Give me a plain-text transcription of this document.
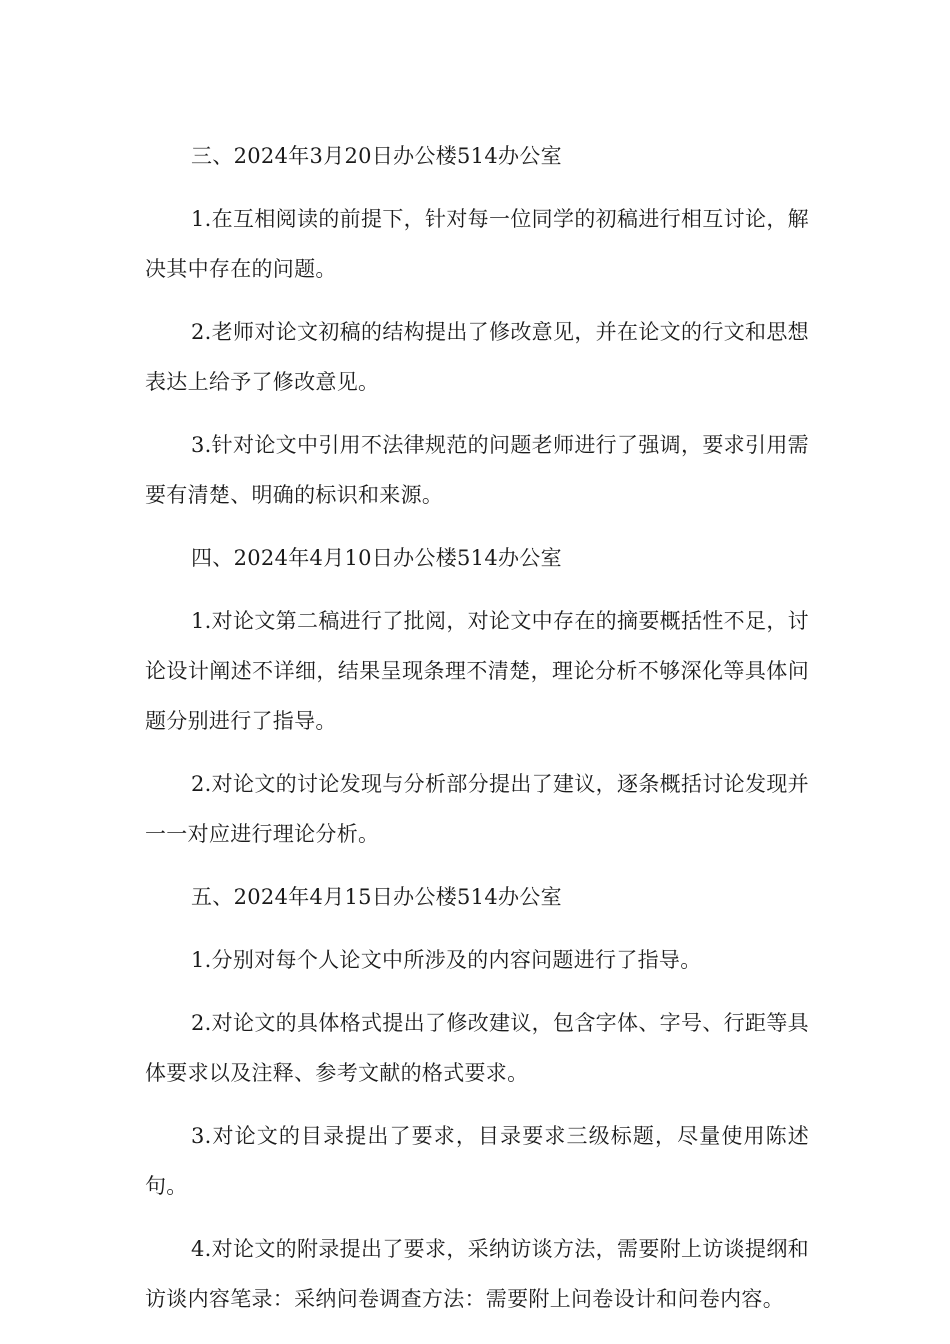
三、2024年3月20日办公楼514办公室

1.在互相阅读的前提下，针对每一位同学的初稿进行相互讨论，解决其中存在的问题。

2.老师对论文初稿的结构提出了修改意见，并在论文的行文和思想表达上给予了修改意见。

3.针对论文中引用不法律规范的问题老师进行了强调，要求引用需要有清楚、明确的标识和来源。

四、2024年4月10日办公楼514办公室

1.对论文第二稿进行了批阅，对论文中存在的摘要概括性不足，讨论设计阐述不详细，结果呈现条理不清楚，理论分析不够深化等具体问题分别进行了指导。

2.对论文的讨论发现与分析部分提出了建议，逐条概括讨论发现并一一对应进行理论分析。

五、2024年4月15日办公楼514办公室

1.分别对每个人论文中所涉及的内容问题进行了指导。

2.对论文的具体格式提出了修改建议，包含字体、字号、行距等具体要求以及注释、参考文献的格式要求。

3.对论文的目录提出了要求，目录要求三级标题，尽量使用陈述句。

4.对论文的附录提出了要求，采纳访谈方法，需要附上访谈提纲和访谈内容笔录：采纳问卷调查方法：需要附上问卷设计和问卷内容。
